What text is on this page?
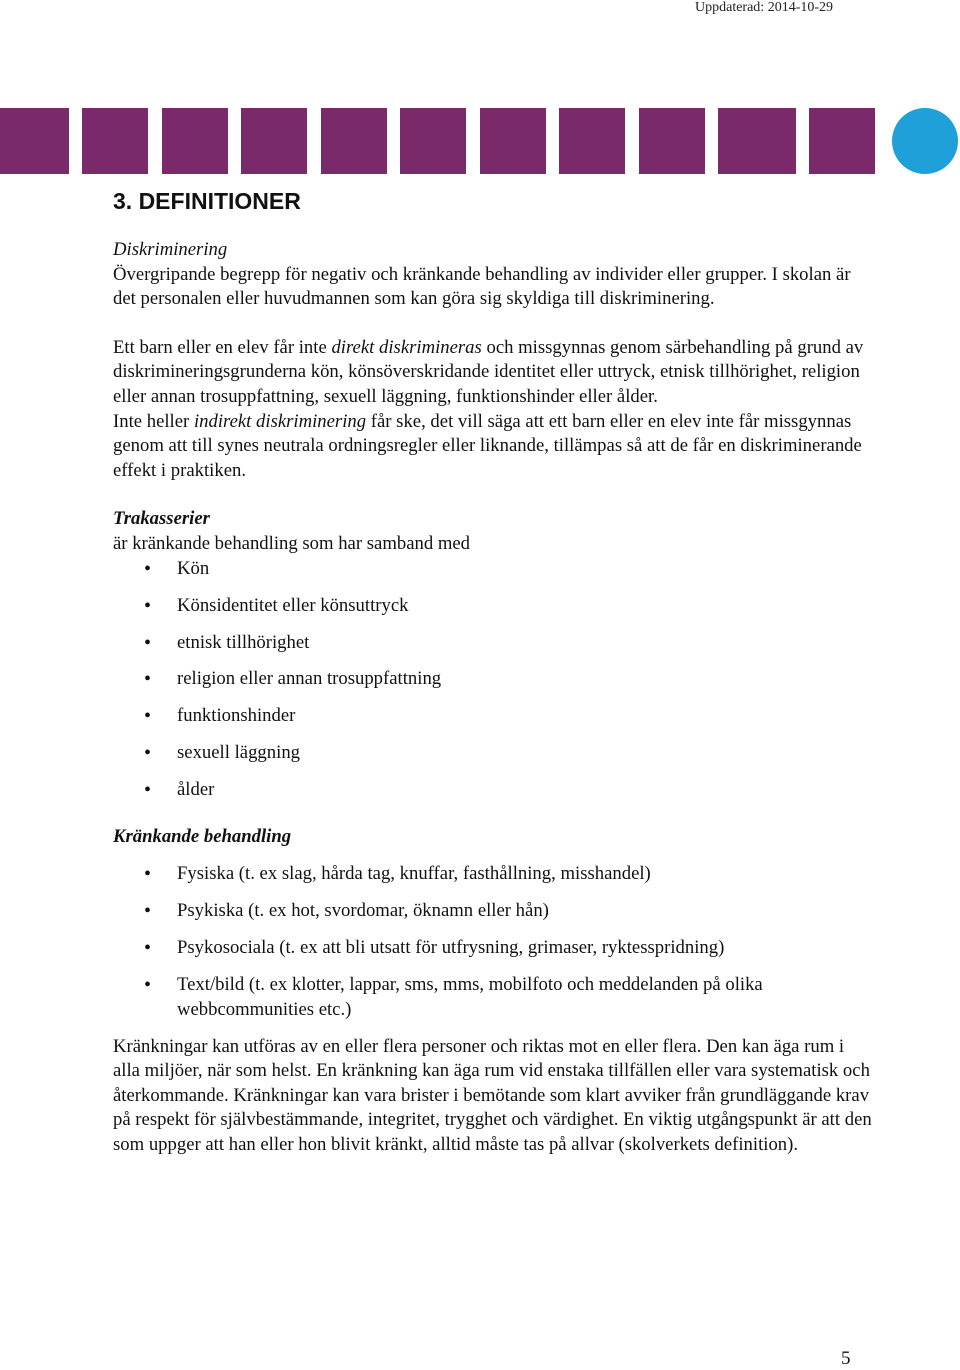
Uppdaterad: 2014-10-29
3. DEFINITIONER

Diskriminering

Övergripande begrepp för negativ och kränkande behandling av individer eller grupper. I skolan är det personalen eller huvudmannen som kan göra sig skyldiga till diskriminering.

Ett barn eller en elev får inte direkt diskrimineras och missgynnas genom särbehandling på grund av diskrimineringsgrunderna kön, könsöverskridande identitet eller uttryck, etnisk tillhörighet, religion eller annan trosuppfattning, sexuell läggning, funktionshinder eller ålder.

Inte heller indirekt diskriminering får ske, det vill säga att ett barn eller en elev inte får missgynnas genom att till synes neutrala ordningsregler eller liknande, tillämpas så att de får en diskriminerande effekt i praktiken.

Trakasserier

är kränkande behandling som har samband med

• Kön
• Könsidentitet eller könsuttryck
• etnisk tillhörighet
• religion eller annan trosuppfattning
• funktionshinder
• sexuell läggning
• ålder

Kränkande behandling

• Fysiska (t. ex slag, hårda tag, knuffar, fasthållning, misshandel)
• Psykiska (t. ex hot, svordomar, öknamn eller hån)
• Psykosociala (t. ex att bli utsatt för utfrysning, grimaser, ryktesspridning)
• Text/bild (t. ex klotter, lappar, sms, mms, mobilfoto och meddelanden på olika webbcommunities etc.)

Kränkningar kan utföras av en eller flera personer och riktas mot en eller flera. Den kan äga rum i alla miljöer, när som helst. En kränkning kan äga rum vid enstaka tillfällen eller vara systematisk och återkommande. Kränkningar kan vara brister i bemötande som klart avviker från grundläggande krav på respekt för självbestämmande, integritet, trygghet och värdighet. En viktig utgångspunkt är att den som uppger att han eller hon blivit kränkt, alltid måste tas på allvar (skolverkets definition).

5
